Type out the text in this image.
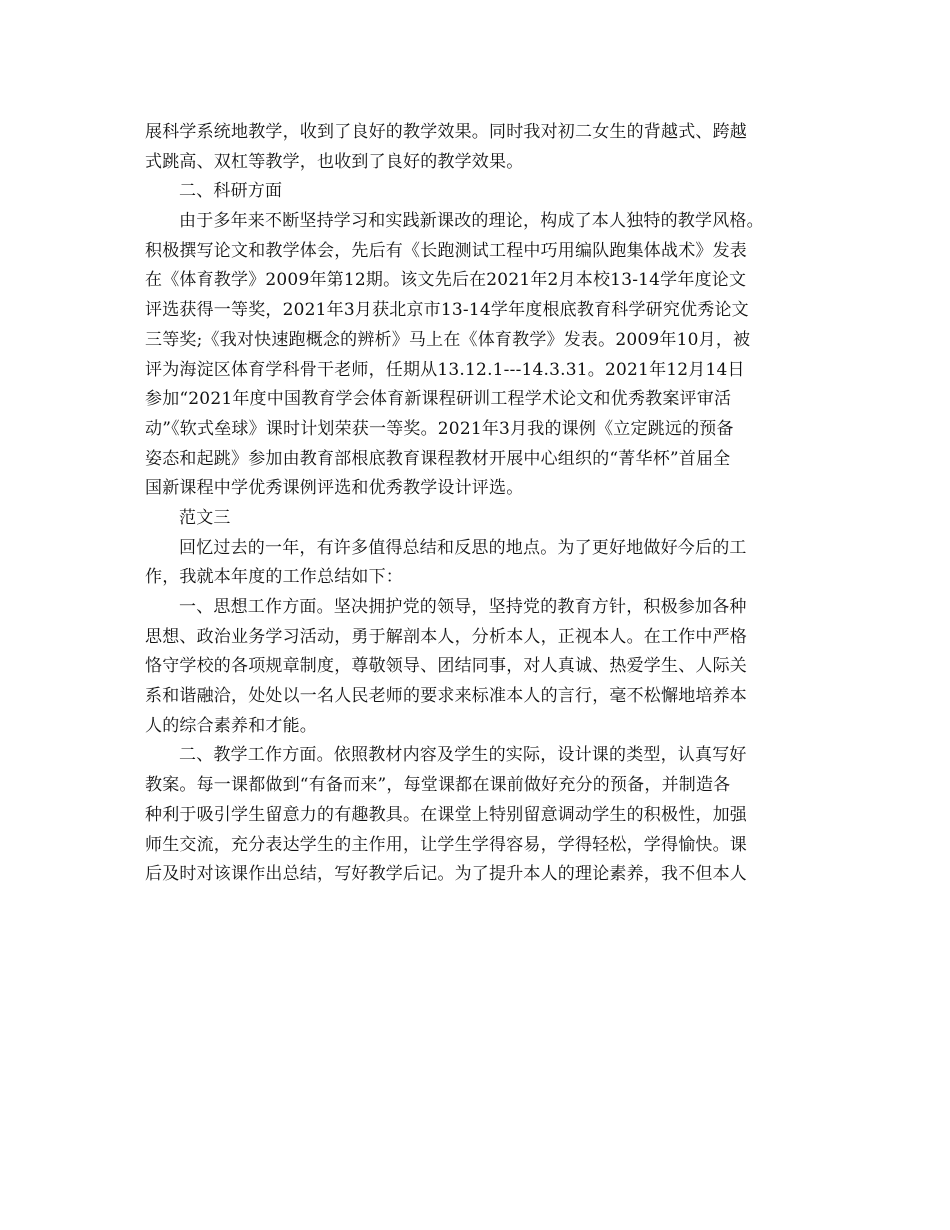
展科学系统地教学，收到了良好的教学效果。同时我对初二女生的背越式、跨越
式跳高、双杠等教学，也收到了良好的教学效果。
二、科研方面
由于多年来不断坚持学习和实践新课改的理论，构成了本人独特的教学风格。
积极撰写论文和教学体会，先后有《长跑测试工程中巧用编队跑集体战术》发表
在《体育教学》2009年第12期。该文先后在2021年2月本校13-14学年度论文
评选获得一等奖，2021年3月获北京市13-14学年度根底教育科学研究优秀论文
三等奖;《我对快速跑概念的辨析》马上在《体育教学》发表。2009年10月，被
评为海淀区体育学科骨干老师，任期从13.12.1---14.3.31。2021年12月14日
参加“2021年度中国教育学会体育新课程研训工程学术论文和优秀教案评审活
动”《软式垒球》课时计划荣获一等奖。2021年3月我的课例《立定跳远的预备
姿态和起跳》参加由教育部根底教育课程教材开展中心组织的“菁华杯”首届全
国新课程中学优秀课例评选和优秀教学设计评选。
范文三
回忆过去的一年，有许多值得总结和反思的地点。为了更好地做好今后的工
作，我就本年度的工作总结如下：
一、思想工作方面。坚决拥护党的领导，坚持党的教育方针，积极参加各种
思想、政治业务学习活动，勇于解剖本人，分析本人，正视本人。在工作中严格
恪守学校的各项规章制度，尊敬领导、团结同事，对人真诚、热爱学生、人际关
系和谐融洽，处处以一名人民老师的要求来标准本人的言行，毫不松懈地培养本
人的综合素养和才能。
二、教学工作方面。依照教材内容及学生的实际，设计课的类型，认真写好
教案。每一课都做到“有备而来”，每堂课都在课前做好充分的预备，并制造各
种利于吸引学生留意力的有趣教具。在课堂上特别留意调动学生的积极性，加强
师生交流，充分表达学生的主作用，让学生学得容易，学得轻松，学得愉快。课
后及时对该课作出总结，写好教学后记。为了提升本人的理论素养，我不但本人
